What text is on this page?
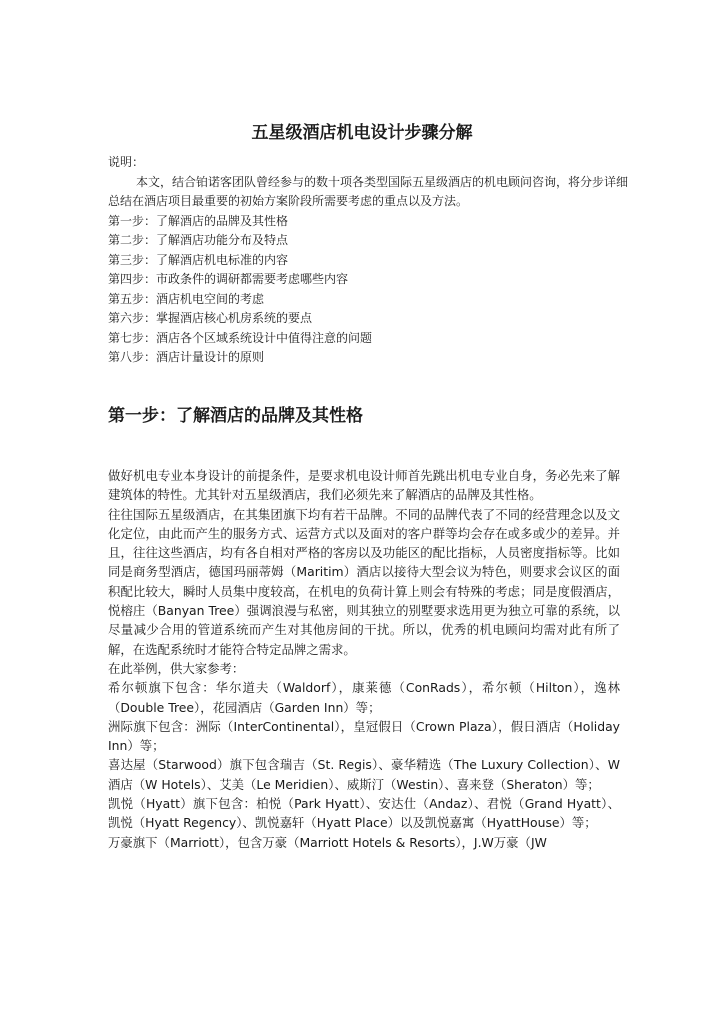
五星级酒店机电设计步骤分解
说明：
本文，结合铂诺客团队曾经参与的数十项各类型国际五星级酒店的机电顾问咨询，将分步详细总结在酒店项目最重要的初始方案阶段所需要考虑的重点以及方法。
第一步：了解酒店的品牌及其性格
第二步：了解酒店功能分布及特点
第三步：了解酒店机电标准的内容
第四步：市政条件的调研都需要考虑哪些内容
第五步：酒店机电空间的考虑
第六步：掌握酒店核心机房系统的要点
第七步：酒店各个区域系统设计中值得注意的问题
第八步：酒店计量设计的原则
第一步：了解酒店的品牌及其性格

做好机电专业本身设计的前提条件，是要求机电设计师首先跳出机电专业自身，务必先来了解建筑体的特性。尤其针对五星级酒店，我们必须先来了解酒店的品牌及其性格。

往往国际五星级酒店，在其集团旗下均有若干品牌。不同的品牌代表了不同的经营理念以及文化定位，由此而产生的服务方式、运营方式以及面对的客户群等均会存在或多或少的差异。并且，往往这些酒店，均有各自相对严格的客房以及功能区的配比指标，人员密度指标等。比如同是商务型酒店，德国玛丽蒂姆（Maritim）酒店以接待大型会议为特色，则要求会议区的面积配比较大，瞬时人员集中度较高，在机电的负荷计算上则会有特殊的考虑；同是度假酒店，悦榕庄（Banyan Tree）强调浪漫与私密，则其独立的别墅要求选用更为独立可靠的系统，以尽量减少合用的管道系统而产生对其他房间的干扰。所以，优秀的机电顾问均需对此有所了解，在选配系统时才能符合特定品牌之需求。

在此举例，供大家参考：

希尔顿旗下包含：华尔道夫（Waldorf），康莱德（ConRads），希尔顿（Hilton），逸林（Double Tree），花园酒店（Garden Inn）等；

洲际旗下包含：洲际（InterContinental），皇冠假日（Crown Plaza），假日酒店（Holiday Inn）等；

喜达屋（Starwood）旗下包含瑞吉（St. Regis）、豪华精选（The Luxury Collection）、W酒店（W Hotels）、艾美（Le Meridien）、威斯汀（Westin）、喜来登（Sheraton）等；

凯悦（Hyatt）旗下包含：柏悦（Park Hyatt）、安达仕（Andaz）、君悦（Grand Hyatt）、凯悦（Hyatt Regency）、凯悦嘉轩（Hyatt Place）以及凯悦嘉寓（HyattHouse）等；

万豪旗下（Marriott），包含万豪（Marriott Hotels & Resorts），J.W万豪（JW
